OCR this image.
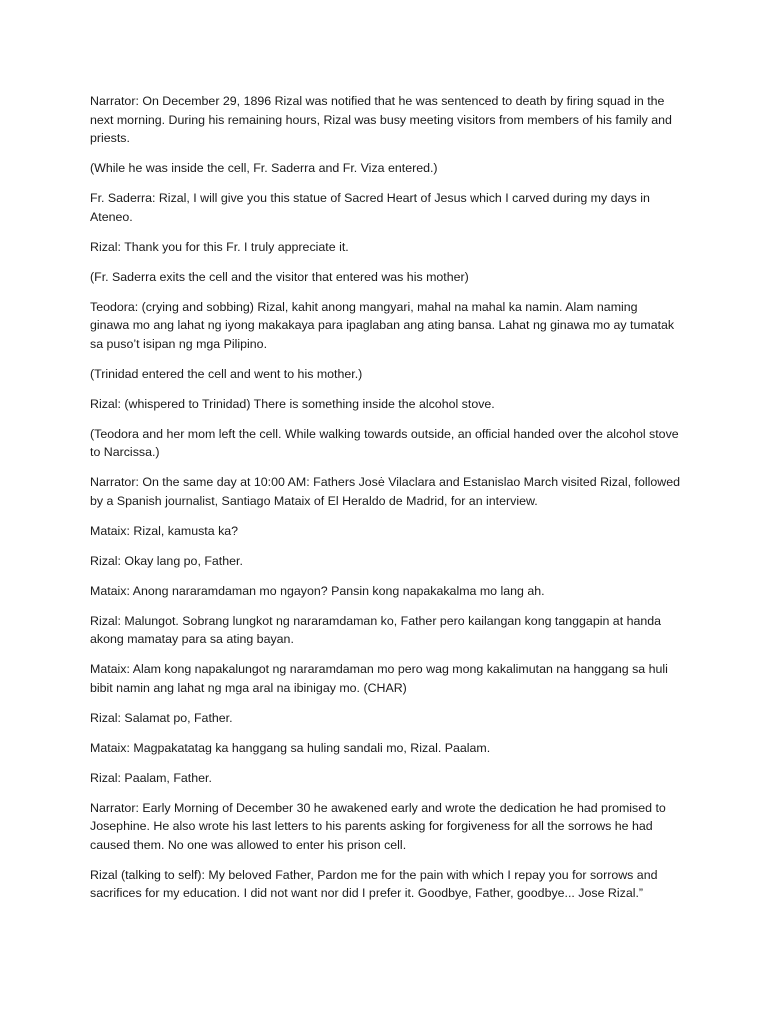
Narrator: On December 29, 1896 Rizal was notified that he was sentenced to death by firing squad in the next morning. During his remaining hours, Rizal was busy meeting visitors from members of his family and priests.

(While he was inside the cell, Fr. Saderra and Fr. Viza entered.)

Fr. Saderra: Rizal, I will give you this statue of Sacred Heart of Jesus which I carved during my days in Ateneo.

Rizal: Thank you for this Fr. I truly appreciate it.

(Fr. Saderra exits the cell and the visitor that entered was his mother)

Teodora: (crying and sobbing) Rizal, kahit anong mangyari, mahal na mahal ka namin. Alam naming ginawa mo ang lahat ng iyong makakaya para ipaglaban ang ating bansa. Lahat ng ginawa mo ay tumatak sa puso’t isipan ng mga Pilipino.

(Trinidad entered the cell and went to his mother.)

Rizal: (whispered to Trinidad) There is something inside the alcohol stove.

(Teodora and her mom left the cell. While walking towards outside, an official handed over the alcohol stove to Narcissa.)

Narrator: On the same day at 10:00 AM: Fathers Josė Vilaclara and Estanislao March visited Rizal, followed by a Spanish journalist, Santiago Mataix of El Heraldo de Madrid, for an interview.

Mataix: Rizal, kamusta ka?

Rizal: Okay lang po, Father.

Mataix: Anong nararamdaman mo ngayon? Pansin kong napakakalma mo lang ah.

Rizal: Malungot. Sobrang lungkot ng nararamdaman ko, Father pero kailangan kong tanggapin at handa akong mamatay para sa ating bayan.

Mataix: Alam kong napakalungot ng nararamdaman mo pero wag mong kakalimutan na hanggang sa huli bibit namin ang lahat ng mga aral na ibinigay mo. (CHAR)

Rizal: Salamat po, Father.

Mataix: Magpakatatag ka hanggang sa huling sandali mo, Rizal. Paalam.

Rizal: Paalam, Father.

Narrator: Early Morning of December 30 he awakened early and wrote the dedication he had promised to Josephine. He also wrote his last letters to his parents asking for forgiveness for all the sorrows he had caused them. No one was allowed to enter his prison cell.

Rizal (talking to self): My beloved Father, Pardon me for the pain with which I repay you for sorrows and sacrifices for my education. I did not want nor did I prefer it. Goodbye, Father, goodbye... Jose Rizal.”
